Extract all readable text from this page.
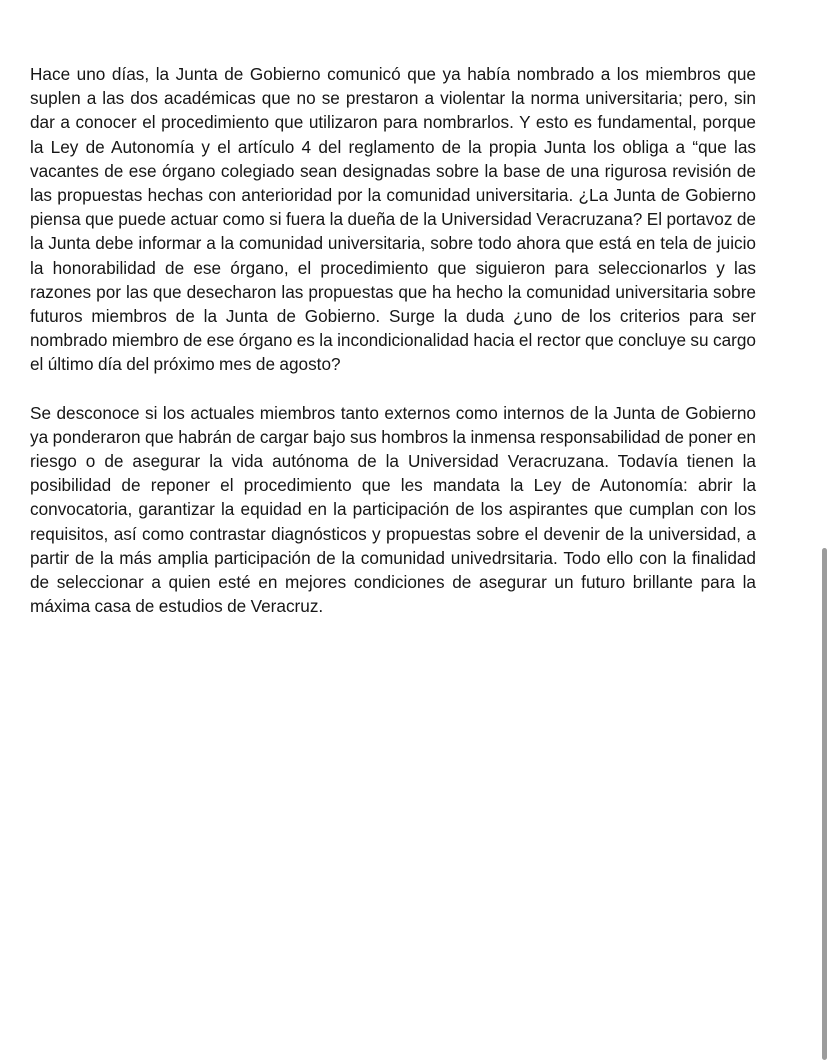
Hace uno días, la Junta de Gobierno comunicó que ya había nombrado a los miembros que suplen a las dos académicas que no se prestaron a violentar la norma universitaria; pero, sin dar a conocer el procedimiento que utilizaron para nombrarlos. Y esto es fundamental, porque la Ley de Autonomía y el artículo 4 del reglamento de la propia Junta los obliga a “que las vacantes de ese órgano colegiado sean designadas sobre la base de una rigurosa revisión de las propuestas hechas con anterioridad por la comunidad universitaria. ¿La Junta de Gobierno piensa que puede actuar como si fuera la dueña de la Universidad Veracruzana? El portavoz de la Junta debe informar a la comunidad universitaria, sobre todo ahora que está en tela de juicio la honorabilidad de ese órgano, el procedimiento que siguieron para seleccionarlos y las razones por las que desecharon las propuestas que ha hecho la comunidad universitaria sobre futuros miembros de la Junta de Gobierno. Surge la duda ¿uno de los criterios para ser nombrado miembro de ese órgano es la incondicionalidad hacia el rector que concluye su cargo el último día del próximo mes de agosto?

Se desconoce si los actuales miembros tanto externos como internos de la Junta de Gobierno ya ponderaron que habrán de cargar bajo sus hombros la inmensa responsabilidad de poner en riesgo o de asegurar la vida autónoma de la Universidad Veracruzana. Todavía tienen la posibilidad de reponer el procedimiento que les mandata la Ley de Autonomía: abrir la convocatoria, garantizar la equidad en la participación de los aspirantes que cumplan con los requisitos, así como contrastar diagnósticos y propuestas sobre el devenir de la universidad, a partir de la más amplia participación de la comunidad univedrsitaria. Todo ello con la finalidad de seleccionar a quien esté en mejores condiciones de asegurar un futuro brillante para la máxima casa de estudios de Veracruz.
